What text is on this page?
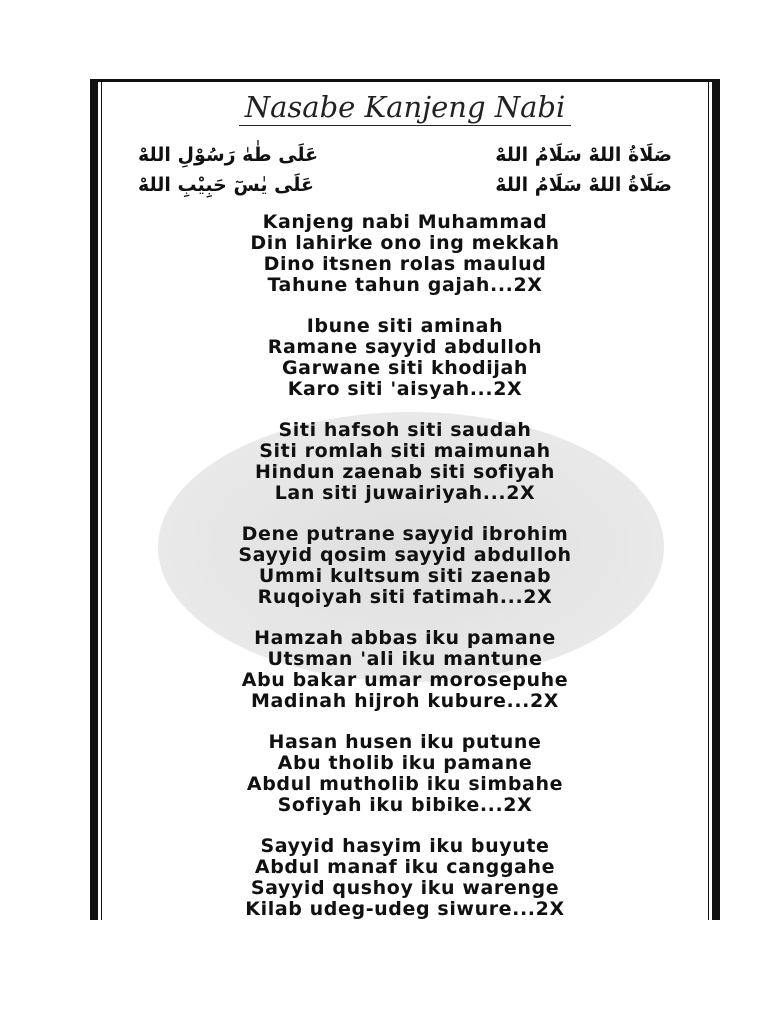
Nasabe Kanjeng Nabi
صَلَاةُ اللهْ سَلَامُ اللهْ
عَلَى طٰهٰ رَسُوْلِ اللهْ
صَلَاةُ اللهْ سَلَامُ اللهْ
عَلَى يٰسٓ حَبِيْبِ اللهْ
Kanjeng nabi Muhammad
Din lahirke ono ing mekkah
Dino itsnen rolas maulud
Tahune tahun gajah...2X
Ibune siti aminah
Ramane sayyid abdulloh
Garwane siti khodijah
Karo siti 'aisyah...2X
Siti hafsoh siti saudah
Siti romlah siti maimunah
Hindun zaenab siti sofiyah
Lan siti juwairiyah...2X
Dene putrane sayyid ibrohim
Sayyid qosim sayyid abdulloh
Ummi kultsum siti zaenab
Ruqoiyah siti fatimah...2X
Hamzah abbas iku pamane
Utsman 'ali iku mantune
Abu bakar umar morosepuhe
Madinah hijroh kubure...2X
Hasan husen iku putune
Abu tholib iku pamane
Abdul mutholib iku simbahe
Sofiyah iku bibike...2X
Sayyid hasyim iku buyute
Abdul manaf iku canggahe
Sayyid qushoy iku warenge
Kilab udeg-udeg siwure...2X
